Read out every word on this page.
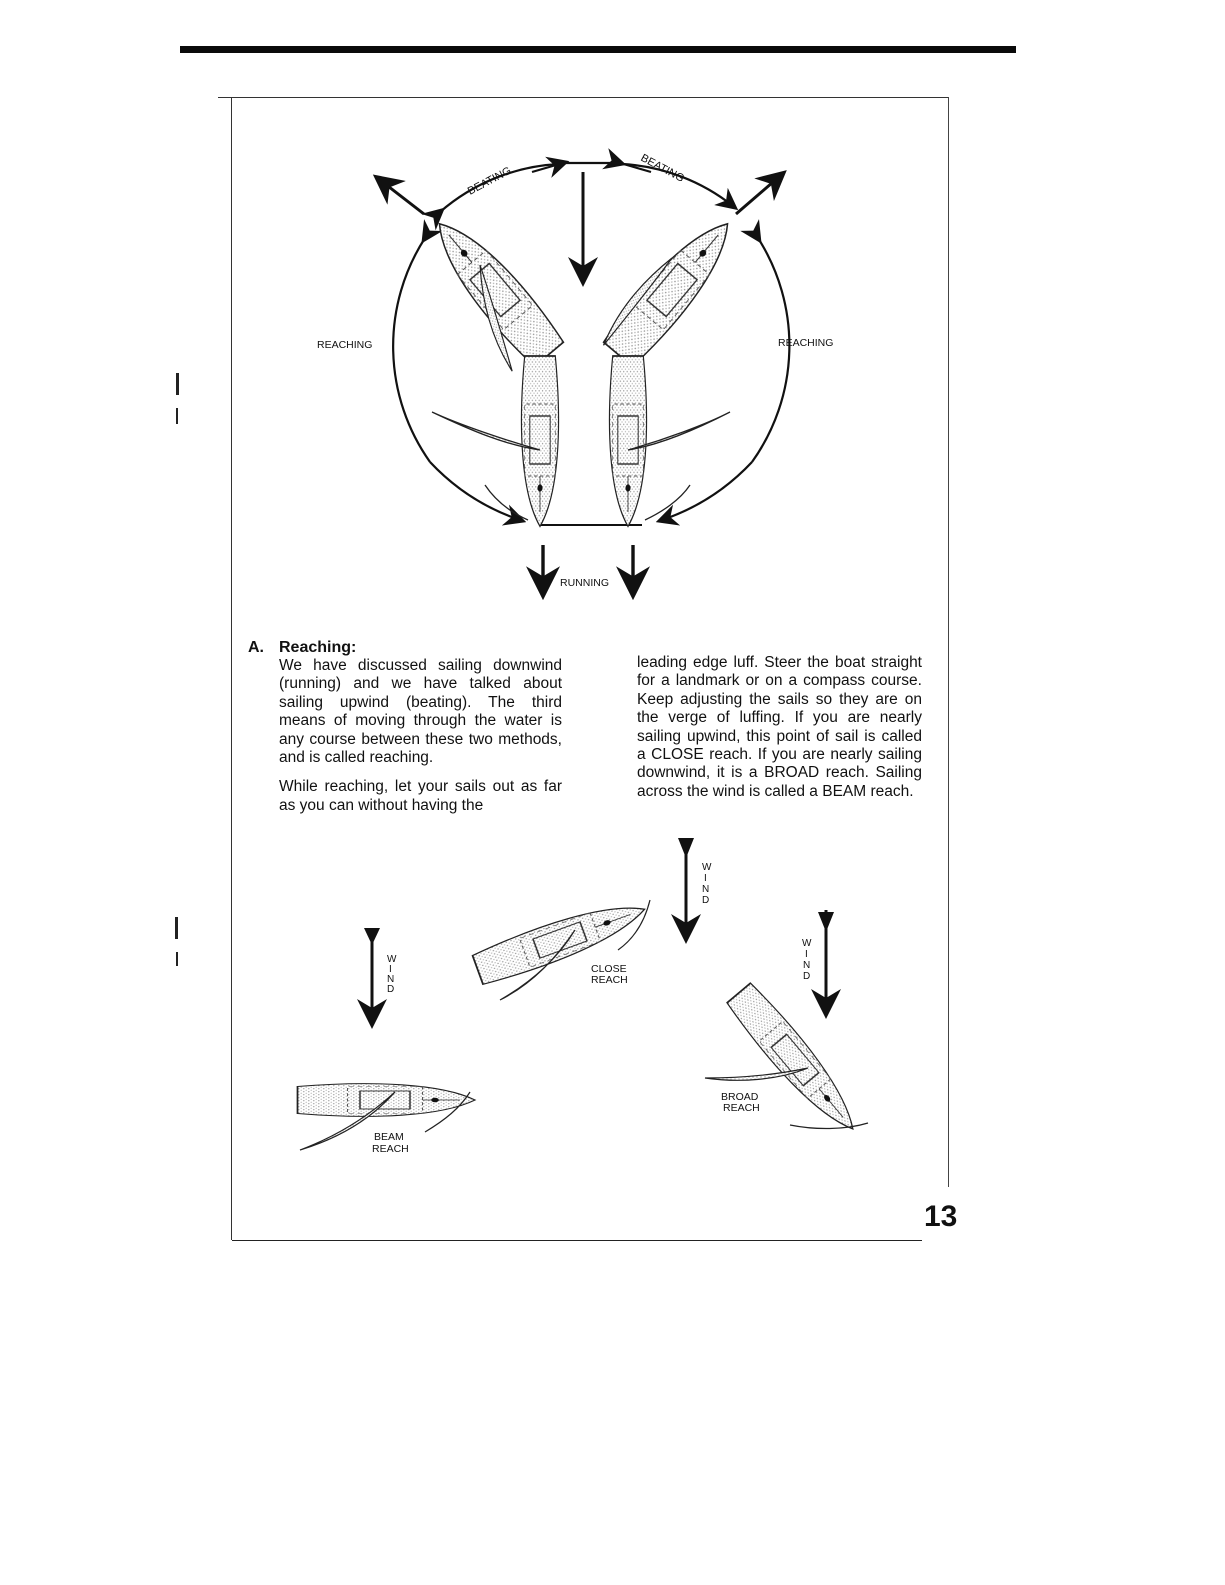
BEATING	BEATING
REACHING	REACHING
RUNNING
W
I
N
D
W
I
N
D
W
I
N
D
CLOSE
REACH
BEAM
REACH
BROAD
REACH
A. Reaching:

We have discussed sailing downwind (running) and we have talked about sailing upwind (beating). The third means of moving through the water is any course between these two methods, and is called reaching.

While reaching, let your sails out as far as you can without having the

leading edge luff. Steer the boat straight for a landmark or on a compass course. Keep adjusting the sails so they are on the verge of luffing. If you are nearly sailing upwind, this point of sail is called a CLOSE reach. If you are nearly sailing downwind, it is a BROAD reach. Sailing across the wind is called a BEAM reach.

13
